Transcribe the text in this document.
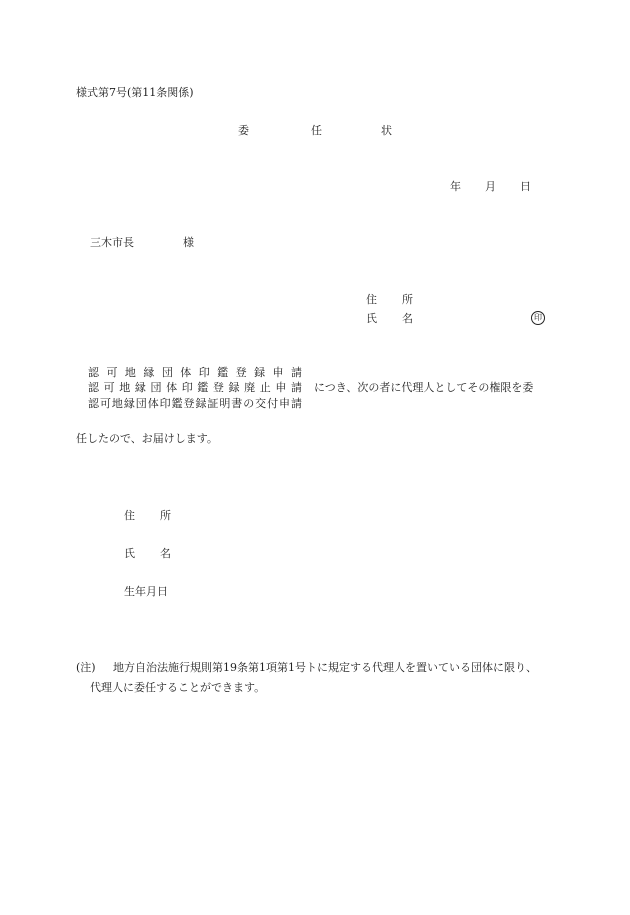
様式第7号(第11条関係)
委	任	状
年 月 日
三木市長	様
住 所
氏 名	印
認可地縁団体印鑑登録申請
認可地縁団体印鑑登録廃止申請
認可地縁団体印鑑登録証明書の交付申請
につき、次の者に代理人としてその権限を委
任したので、お届けします。
住 所
氏 名
生年月日
(注) 地方自治法施行規則第19条第1項第1号トに規定する代理人を置いている団体に限り、
代理人に委任することができます。
